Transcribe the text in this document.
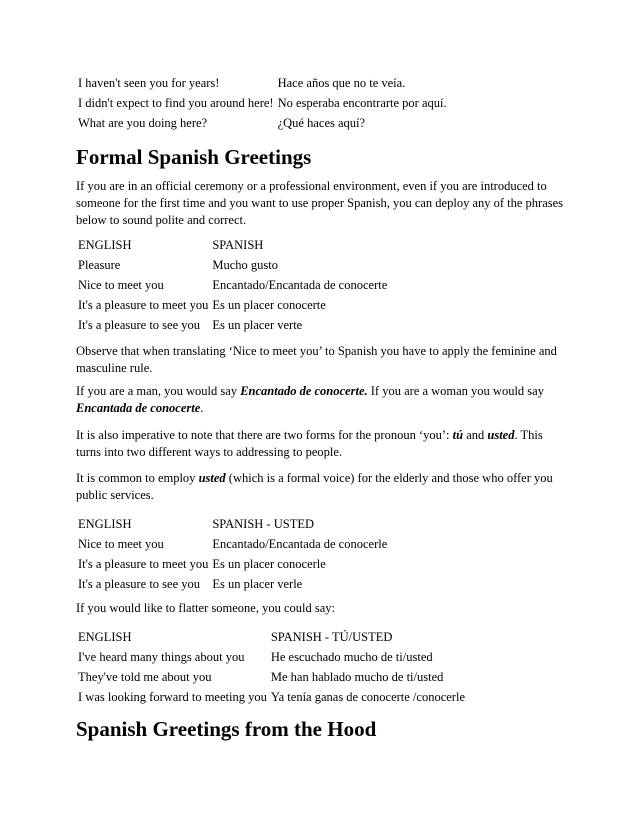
I haven't seen you for years!	Hace años que no te veía.
I didn't expect to find you around here!	No esperaba encontrarte por aquí.
What are you doing here?	¿Qué haces aquí?
Formal Spanish Greetings

If you are in an official ceremony or a professional environment, even if you are introduced to someone for the first time and you want to use proper Spanish, you can deploy any of the phrases below to sound polite and correct.

ENGLISH	SPANISH
Pleasure	Mucho gusto
Nice to meet you	Encantado/Encantada de conocerte
It's a pleasure to meet you	Es un placer conocerte
It's a pleasure to see you	Es un placer verte

Observe that when translating ‘Nice to meet you’ to Spanish you have to apply the feminine and masculine rule.

If you are a man, you would say Encantado de conocerte. If you are a woman you would say Encantada de conocerte.

It is also imperative to note that there are two forms for the pronoun ‘you’: tú and usted. This turns into two different ways to addressing to people.

It is common to employ usted (which is a formal voice) for the elderly and those who offer you public services.

ENGLISH	SPANISH - USTED
Nice to meet you	Encantado/Encantada de conocerle
It's a pleasure to meet you	Es un placer conocerle
It's a pleasure to see you	Es un placer verle

If you would like to flatter someone, you could say:

ENGLISH	SPANISH - TÚ/USTED
I've heard many things about you	He escuchado mucho de ti/usted
They've told me about you	Me han hablado mucho de ti/usted
I was looking forward to meeting you	Ya tenía ganas de conocerte /conocerle
Spanish Greetings from the Hood
